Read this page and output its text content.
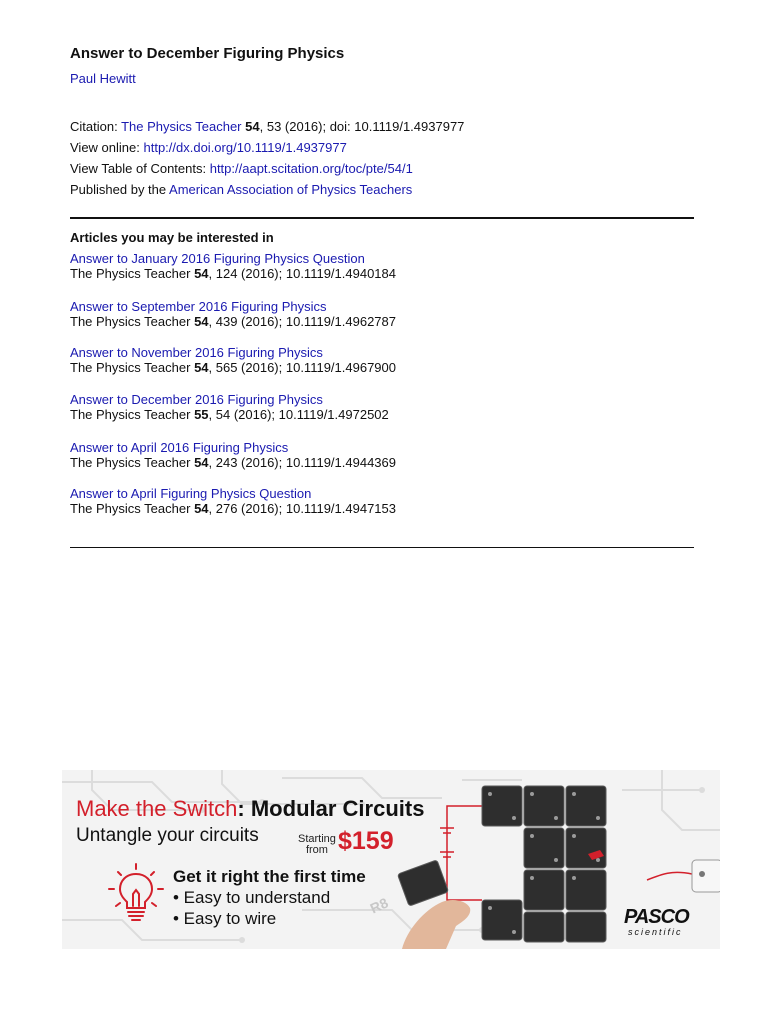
Answer to December Figuring Physics
Paul Hewitt
Citation: The Physics Teacher 54, 53 (2016); doi: 10.1119/1.4937977
View online: http://dx.doi.org/10.1119/1.4937977
View Table of Contents: http://aapt.scitation.org/toc/pte/54/1
Published by the American Association of Physics Teachers
Articles you may be interested in
Answer to January 2016 Figuring Physics Question
The Physics Teacher 54, 124 (2016); 10.1119/1.4940184
Answer to September 2016 Figuring Physics
The Physics Teacher 54, 439 (2016); 10.1119/1.4962787
Answer to November 2016 Figuring Physics
The Physics Teacher 54, 565 (2016); 10.1119/1.4967900
Answer to December 2016 Figuring Physics
The Physics Teacher 55, 54 (2016); 10.1119/1.4972502
Answer to April 2016 Figuring Physics
The Physics Teacher 54, 243 (2016); 10.1119/1.4944369
Answer to April Figuring Physics Question
The Physics Teacher 54, 276 (2016); 10.1119/1.4947153
Make the Switch: Modular Circuits
Untangle your circuits	Starting
from $159
Get it right the first time
• Easy to understand
• Easy to wire
R8
PASCO
scientific
